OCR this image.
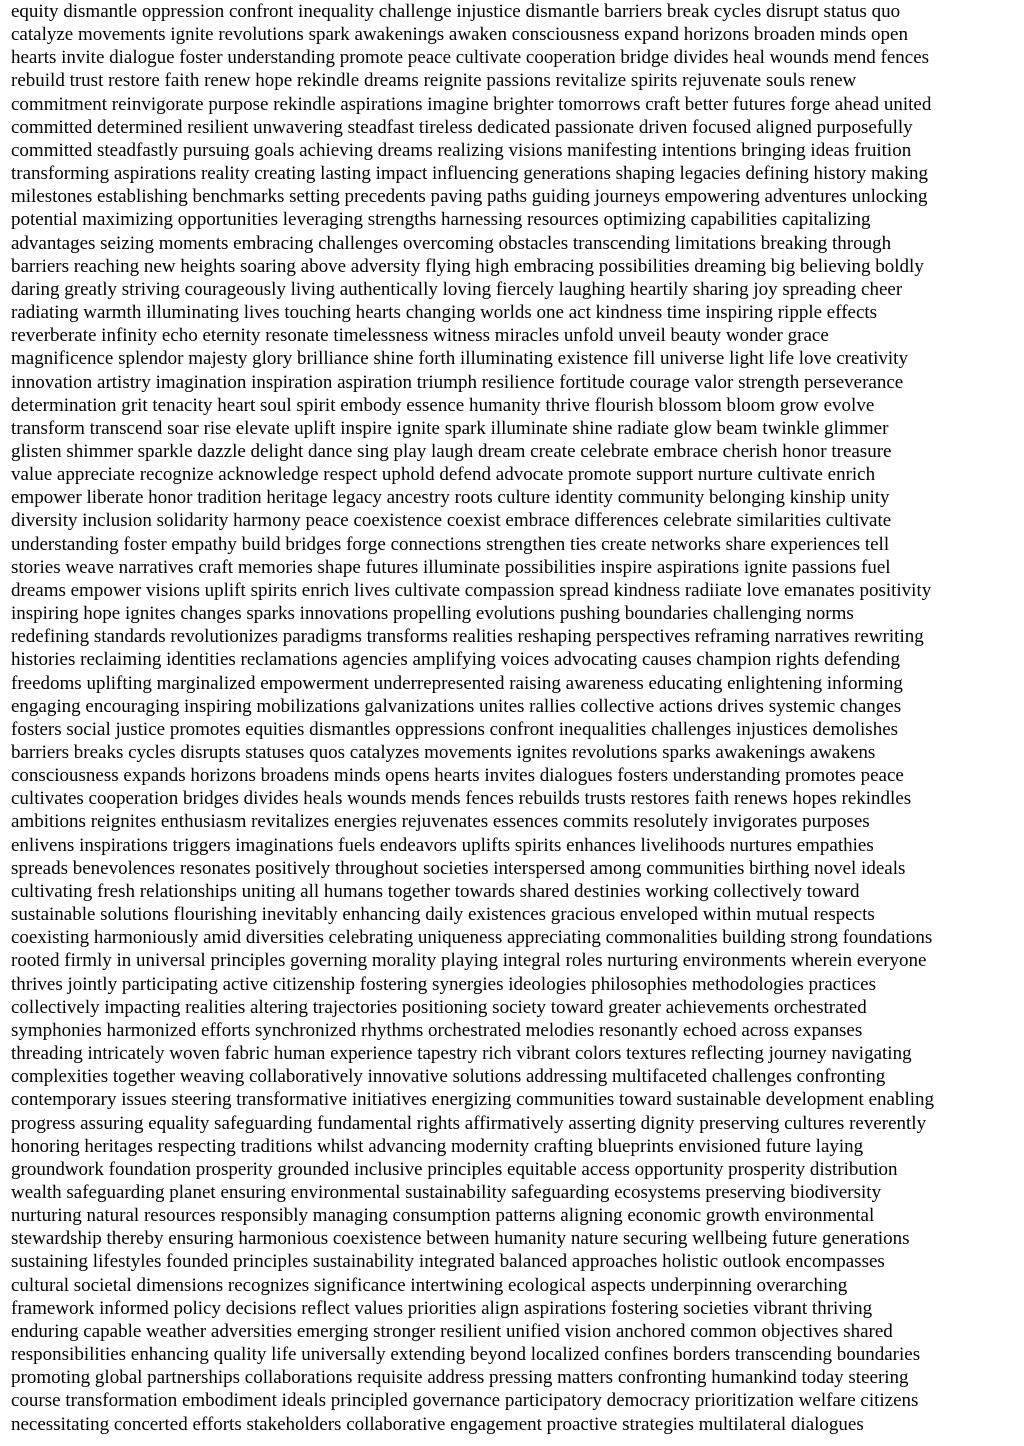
equity dismantle oppression confront inequality challenge injustice dismantle barriers break cycles disrupt status quo
catalyze movements ignite revolutions spark awakenings awaken consciousness expand horizons broaden minds open
hearts invite dialogue foster understanding promote peace cultivate cooperation bridge divides heal wounds mend fences
rebuild trust restore faith renew hope rekindle dreams reignite passions revitalize spirits rejuvenate souls renew
commitment reinvigorate purpose rekindle aspirations imagine brighter tomorrows craft better futures forge ahead united
committed determined resilient unwavering steadfast tireless dedicated passionate driven focused aligned purposefully
committed steadfastly pursuing goals achieving dreams realizing visions manifesting intentions bringing ideas fruition
transforming aspirations reality creating lasting impact influencing generations shaping legacies defining history making
milestones establishing benchmarks setting precedents paving paths guiding journeys empowering adventures unlocking
potential maximizing opportunities leveraging strengths harnessing resources optimizing capabilities capitalizing
advantages seizing moments embracing challenges overcoming obstacles transcending limitations breaking through
barriers reaching new heights soaring above adversity flying high embracing possibilities dreaming big believing boldly
daring greatly striving courageously living authentically loving fiercely laughing heartily sharing joy spreading cheer
radiating warmth illuminating lives touching hearts changing worlds one act kindness time inspiring ripple effects
reverberate infinity echo eternity resonate timelessness witness miracles unfold unveil beauty wonder grace
magnificence splendor majesty glory brilliance shine forth illuminating existence fill universe light life love creativity
innovation artistry imagination inspiration aspiration triumph resilience fortitude courage valor strength perseverance
determination grit tenacity heart soul spirit embody essence humanity thrive flourish blossom bloom grow evolve
transform transcend soar rise elevate uplift inspire ignite spark illuminate shine radiate glow beam twinkle glimmer
glisten shimmer sparkle dazzle delight dance sing play laugh dream create celebrate embrace cherish honor treasure
value appreciate recognize acknowledge respect uphold defend advocate promote support nurture cultivate enrich
empower liberate honor tradition heritage legacy ancestry roots culture identity community belonging kinship unity
diversity inclusion solidarity harmony peace coexistence coexist embrace differences celebrate similarities cultivate
understanding foster empathy build bridges forge connections strengthen ties create networks share experiences tell
stories weave narratives craft memories shape futures illuminate possibilities inspire aspirations ignite passions fuel
dreams empower visions uplift spirits enrich lives cultivate compassion spread kindness radiiate love emanates positivity
inspiring hope ignites changes sparks innovations propelling evolutions pushing boundaries challenging norms
redefining standards revolutionizes paradigms transforms realities reshaping perspectives reframing narratives rewriting
histories reclaiming identities reclamations agencies amplifying voices advocating causes champion rights defending
freedoms uplifting marginalized empowerment underrepresented raising awareness educating enlightening informing
engaging encouraging inspiring mobilizations galvanizations unites rallies collective actions drives systemic changes
fosters social justice promotes equities dismantles oppressions confront inequalities challenges injustices demolishes
barriers breaks cycles disrupts statuses quos catalyzes movements ignites revolutions sparks awakenings awakens
consciousness expands horizons broadens minds opens hearts invites dialogues fosters understanding promotes peace
cultivates cooperation bridges divides heals wounds mends fences rebuilds trusts restores faith renews hopes rekindles
ambitions reignites enthusiasm revitalizes energies rejuvenates essences commits resolutely invigorates purposes
enlivens inspirations triggers imaginations fuels endeavors uplifts spirits enhances livelihoods nurtures empathies
spreads benevolences resonates positively throughout societies interspersed among communities birthing novel ideals
cultivating fresh relationships uniting all humans together towards shared destinies working collectively toward
sustainable solutions flourishing inevitably enhancing daily existences gracious enveloped within mutual respects
coexisting harmoniously amid diversities celebrating uniqueness appreciating commonalities building strong foundations
rooted firmly in universal principles governing morality playing integral roles nurturing environments wherein everyone
thrives jointly participating active citizenship fostering synergies ideologies philosophies methodologies practices
collectively impacting realities altering trajectories positioning society toward greater achievements orchestrated
symphonies harmonized efforts synchronized rhythms orchestrated melodies resonantly echoed across expanses
threading intricately woven fabric human experience tapestry rich vibrant colors textures reflecting journey navigating
complexities together weaving collaboratively innovative solutions addressing multifaceted challenges confronting
contemporary issues steering transformative initiatives energizing communities toward sustainable development enabling
progress assuring equality safeguarding fundamental rights affirmatively asserting dignity preserving cultures reverently
honoring heritages respecting traditions whilst advancing modernity crafting blueprints envisioned future laying
groundwork foundation prosperity grounded inclusive principles equitable access opportunity prosperity distribution
wealth safeguarding planet ensuring environmental sustainability safeguarding ecosystems preserving biodiversity
nurturing natural resources responsibly managing consumption patterns aligning economic growth environmental
stewardship thereby ensuring harmonious coexistence between humanity nature securing wellbeing future generations
sustaining lifestyles founded principles sustainability integrated balanced approaches holistic outlook encompasses
cultural societal dimensions recognizes significance intertwining ecological aspects underpinning overarching
framework informed policy decisions reflect values priorities align aspirations fostering societies vibrant thriving
enduring capable weather adversities emerging stronger resilient unified vision anchored common objectives shared
responsibilities enhancing quality life universally extending beyond localized confines borders transcending boundaries
promoting global partnerships collaborations requisite address pressing matters confronting humankind today steering
course transformation embodiment ideals principled governance participatory democracy prioritization welfare citizens
necessitating concerted efforts stakeholders collaborative engagement proactive strategies multilateral dialogues
